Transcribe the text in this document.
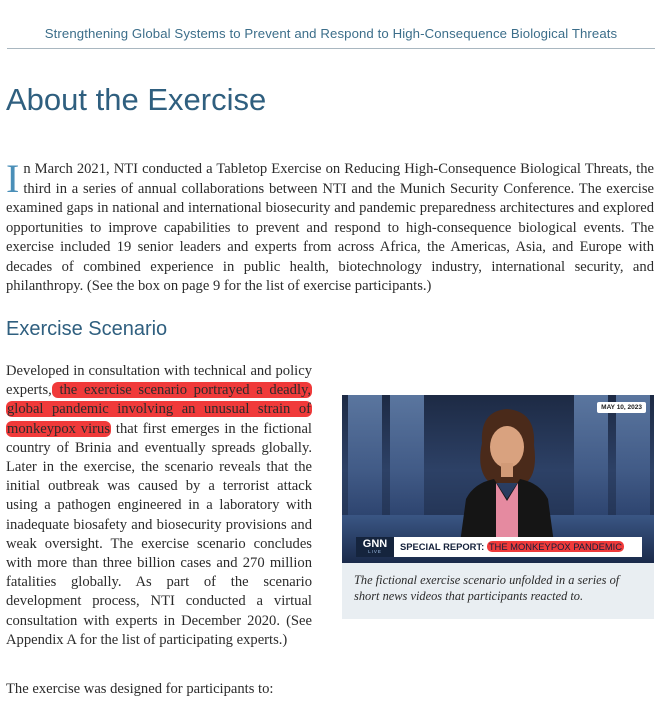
Strengthening Global Systems to Prevent and Respond to High-Consequence Biological Threats
About the Exercise

In March 2021, NTI conducted a Tabletop Exercise on Reducing High-Consequence Biological Threats, the third in a series of annual collaborations between NTI and the Munich Security Conference. The exercise examined gaps in national and international biosecurity and pandemic preparedness architectures and explored opportunities to improve capabilities to prevent and respond to high-consequence biological events. The exercise included 19 senior leaders and experts from across Africa, the Americas, Asia, and Europe with decades of combined experience in public health, biotechnology industry, international security, and philanthropy. (See the box on page 9 for the list of exercise participants.)

Exercise Scenario

Developed in consultation with technical and policy experts, the exercise scenario portrayed a deadly, global pandemic involving an unusual strain of monkeypox virus that first emerges in the fictional country of Brinia and eventually spreads globally. Later in the exercise, the scenario reveals that the initial outbreak was caused by a terrorist attack using a pathogen engineered in a laboratory with inadequate biosafety and biosecurity provisions and weak oversight. The exercise scenario concludes with more than three billion cases and 270 million fatalities globally. As part of the scenario development process, NTI conducted a virtual consultation with experts in December 2020. (See Appendix A for the list of participating experts.)

The exercise was designed for participants to:

MAY 10, 2023
GNN
LIVE	SPECIAL REPORT: THE MONKEYPOX PANDEMIC

The fictional exercise scenario unfolded in a series of short news videos that participants reacted to.
